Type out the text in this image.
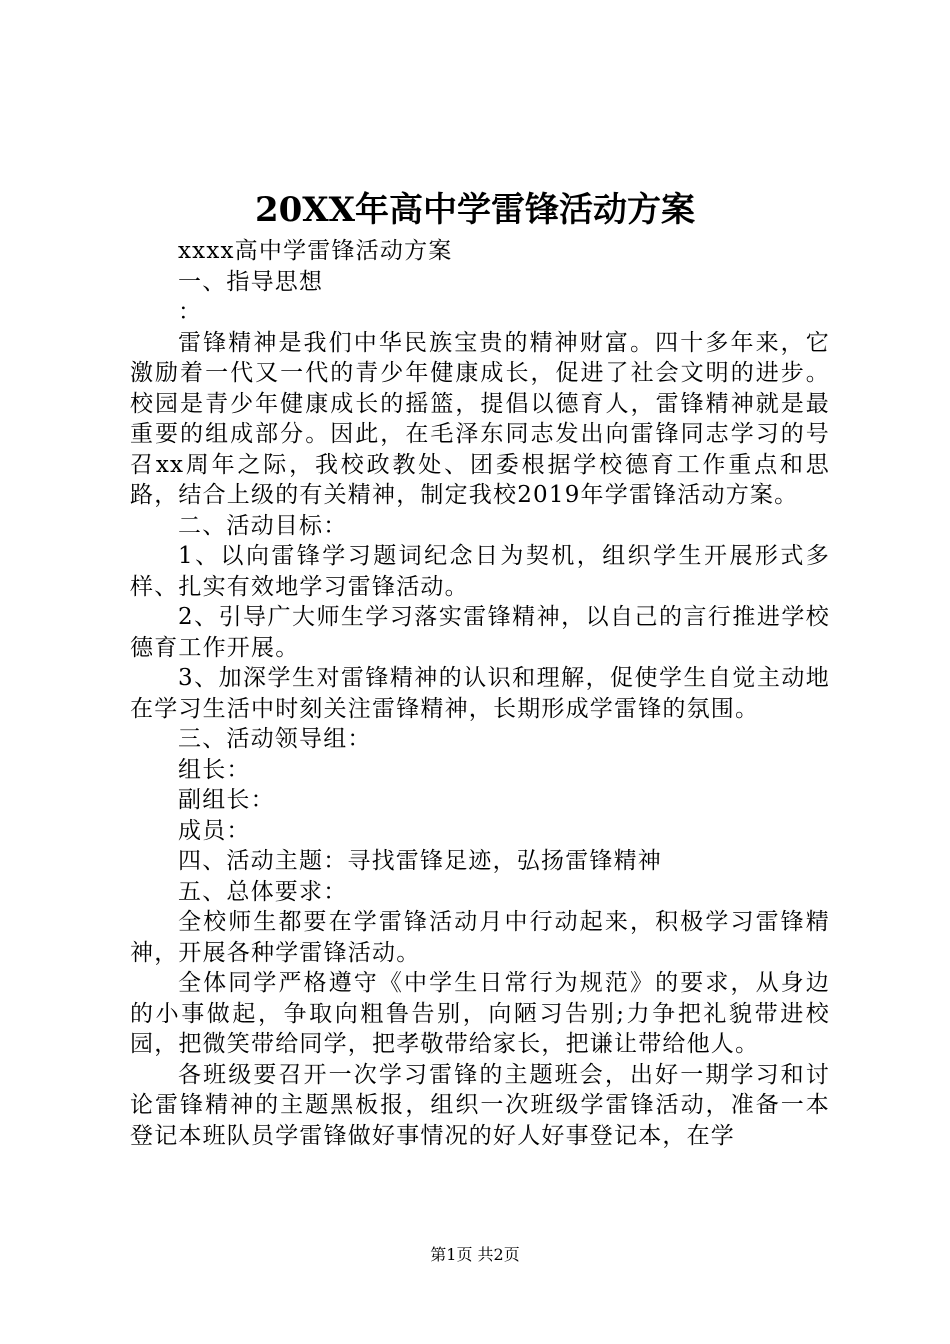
20XX年高中学雷锋活动方案
xxxx高中学雷锋活动方案
一、指导思想
：

雷锋精神是我们中华民族宝贵的精神财富。四十多年来，它激励着一代又一代的青少年健康成长，促进了社会文明的进步。校园是青少年健康成长的摇篮，提倡以德育人，雷锋精神就是最重要的组成部分。因此，在毛泽东同志发出向雷锋同志学习的号召xx周年之际，我校政教处、团委根据学校德育工作重点和思路，结合上级的有关精神，制定我校2019年学雷锋活动方案。

二、活动目标：

1、以向雷锋学习题词纪念日为契机，组织学生开展形式多样、扎实有效地学习雷锋活动。

2、引导广大师生学习落实雷锋精神，以自己的言行推进学校德育工作开展。

3、加深学生对雷锋精神的认识和理解，促使学生自觉主动地在学习生活中时刻关注雷锋精神，长期形成学雷锋的氛围。

三、活动领导组：
组长：
副组长：
成员：
四、活动主题：寻找雷锋足迹，弘扬雷锋精神
五、总体要求：

全校师生都要在学雷锋活动月中行动起来，积极学习雷锋精神，开展各种学雷锋活动。

全体同学严格遵守《中学生日常行为规范》的要求，从身边的小事做起，争取向粗鲁告别，向陋习告别;力争把礼貌带进校园，把微笑带给同学，把孝敬带给家长，把谦让带给他人。

各班级要召开一次学习雷锋的主题班会，出好一期学习和讨论雷锋精神的主题黑板报，组织一次班级学雷锋活动，准备一本登记本班队员学雷锋做好事情况的好人好事登记本，在学

第1页 共2页
